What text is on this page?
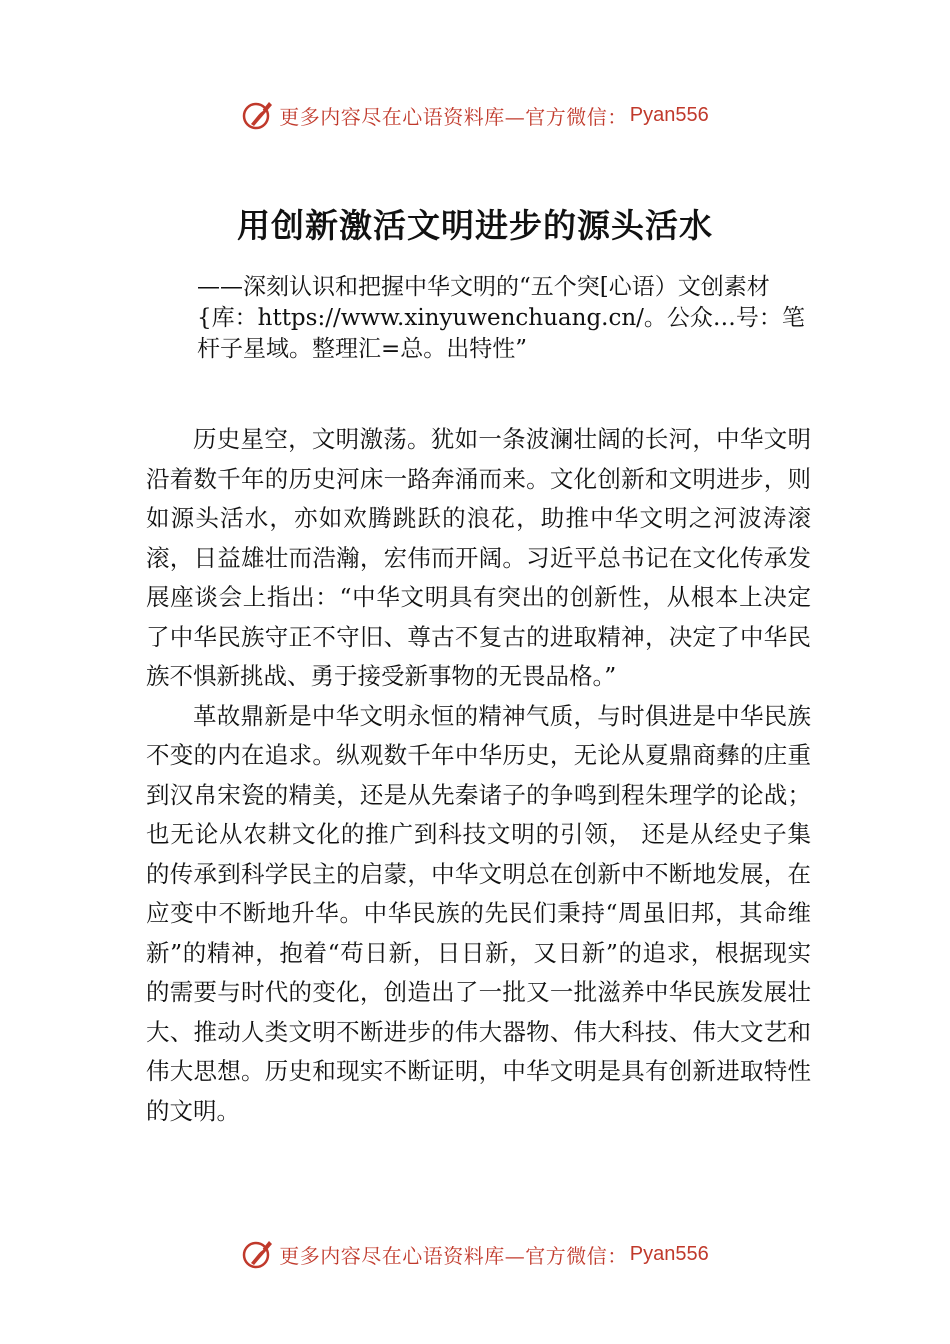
更多内容尽在心语资料库—官方微信： Pyan556
用创新激活文明进步的源头活水

——深刻认识和把握中华文明的“五个突[心语）文创素材{库：https://www.xinyuwenchuang.cn/。公众…号：笔杆子星域。整理汇=总。出特性”

历史星空，文明激荡。犹如一条波澜壮阔的长河，中华文明沿着数千年的历史河床一路奔涌而来。文化创新和文明进步，则如源头活水，亦如欢腾跳跃的浪花，助推中华文明之河波涛滚滚，日益雄壮而浩瀚，宏伟而开阔。习近平总书记在文化传承发展座谈会上指出：“中华文明具有突出的创新性，从根本上决定了中华民族守正不守旧、尊古不复古的进取精神，决定了中华民族不惧新挑战、勇于接受新事物的无畏品格。”

革故鼎新是中华文明永恒的精神气质，与时俱进是中华民族不变的内在追求。纵观数千年中华历史，无论从夏鼎商彝的庄重到汉帛宋瓷的精美，还是从先秦诸子的争鸣到程朱理学的论战；也无论从农耕文化的推广到科技文明的引领， 还是从经史子集的传承到科学民主的启蒙，中华文明总在创新中不断地发展，在应变中不断地升华。中华民族的先民们秉持“周虽旧邦，其命维新”的精神，抱着“苟日新，日日新，又日新”的追求，根据现实的需要与时代的变化，创造出了一批又一批滋养中华民族发展壮大、推动人类文明不断进步的伟大器物、伟大科技、伟大文艺和伟大思想。历史和现实不断证明，中华文明是具有创新进取特性的文明。

更多内容尽在心语资料库—官方微信： Pyan556
